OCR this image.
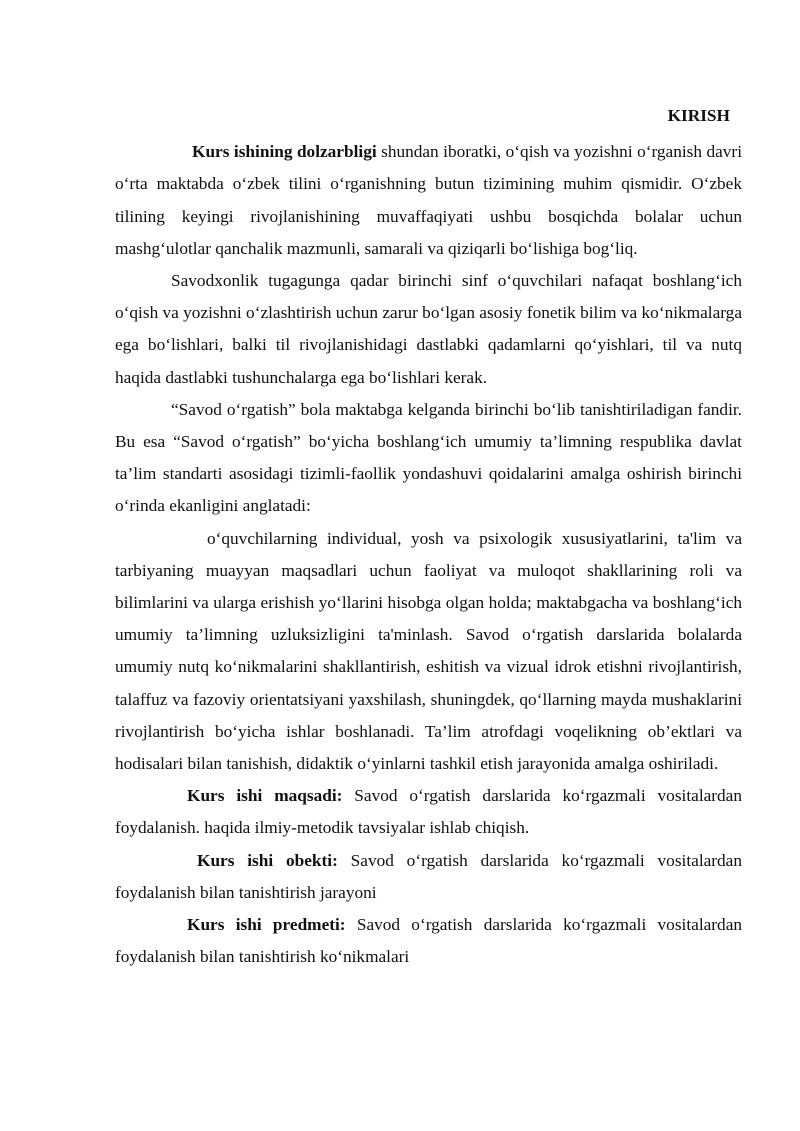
KIRISH

Kurs ishining dolzarbligi shundan iboratki, o‘qish va yozishni o‘rganish davri o‘rta maktabda o‘zbek tilini o‘rganishning butun tizimining muhim qismidir. O‘zbek tilining keyingi rivojlanishining muvaffaqiyati ushbu bosqichda bolalar uchun mashg‘ulotlar qanchalik mazmunli, samarali va qiziqarli bo‘lishiga bog‘liq.

Savodxonlik tugagunga qadar birinchi sinf o‘quvchilari nafaqat boshlang‘ich o‘qish va yozishni o‘zlashtirish uchun zarur bo‘lgan asosiy fonetik bilim va ko‘nikmalarga ega bo‘lishlari, balki til rivojlanishidagi dastlabki qadamlarni qo‘yishlari, til va nutq haqida dastlabki tushunchalarga ega bo‘lishlari kerak.

“Savod o‘rgatish” bola maktabga kelganda birinchi bo‘lib tanishtiriladigan fandir. Bu esa “Savod o‘rgatish” bo‘yicha boshlang‘ich umumiy ta’limning respublika davlat ta’lim standarti asosidagi tizimli-faollik yondashuvi qoidalarini amalga oshirish birinchi o‘rinda ekanligini anglatadi:

o‘quvchilarning individual, yosh va psixologik xususiyatlarini, ta'lim va tarbiyaning muayyan maqsadlari uchun faoliyat va muloqot shakllarining roli va bilimlarini va ularga erishish yo‘llarini hisobga olgan holda; maktabgacha va boshlang‘ich umumiy ta’limning uzluksizligini ta'minlash. Savod o‘rgatish darslarida bolalarda umumiy nutq ko‘nikmalarini shakllantirish, eshitish va vizual idrok etishni rivojlantirish, talaffuz va fazoviy orientatsiyani yaxshilash, shuningdek, qo‘llarning mayda mushaklarini rivojlantirish bo‘yicha ishlar boshlanadi. Ta’lim atrofdagi voqelikning ob’ektlari va hodisalari bilan tanishish, didaktik o‘yinlarni tashkil etish jarayonida amalga oshiriladi.

Kurs ishi maqsadi: Savod o‘rgatish darslarida ko‘rgazmali vositalardan foydalanish. haqida ilmiy-metodik tavsiyalar ishlab chiqish.

Kurs ishi obekti: Savod o‘rgatish darslarida ko‘rgazmali vositalardan foydalanish bilan tanishtirish jarayoni

Kurs ishi predmeti: Savod o‘rgatish darslarida ko‘rgazmali vositalardan foydalanish bilan tanishtirish ko‘nikmalari
